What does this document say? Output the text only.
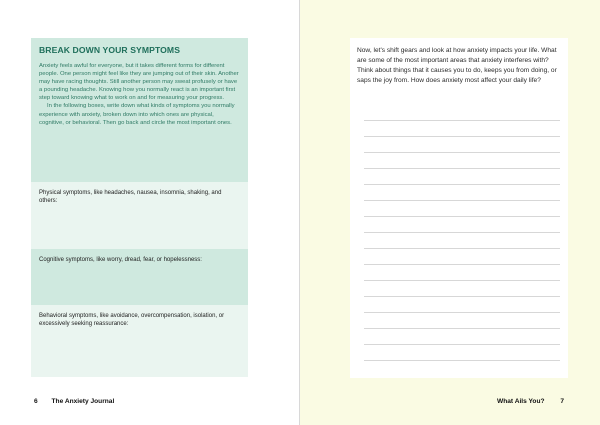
BREAK DOWN YOUR SYMPTOMS

Anxiety feels awful for everyone, but it takes different forms for different people. One person might feel like they are jumping out of their skin. Another may have racing thoughts. Still another person may sweat profusely or have a pounding headache. Knowing how you normally react is an important first step toward knowing what to work on and for measuring your progress.

In the following boxes, write down what kinds of symptoms you normally experience with anxiety, broken down into which ones are physical, cognitive, or behavioral. Then go back and circle the most important ones.

Physical symptoms, like headaches, nausea, insomnia, shaking, and others:
Cognitive symptoms, like worry, dread, fear, or hopelessness:
Behavioral symptoms, like avoidance, overcompensation, isolation, or excessively seeking reassurance:
6 The Anxiety Journal
Now, let's shift gears and look at how anxiety impacts your life. What are some of the most important areas that anxiety interferes with? Think about things that it causes you to do, keeps you from doing, or saps the joy from. How does anxiety most affect your daily life?
What Ails You? 7
